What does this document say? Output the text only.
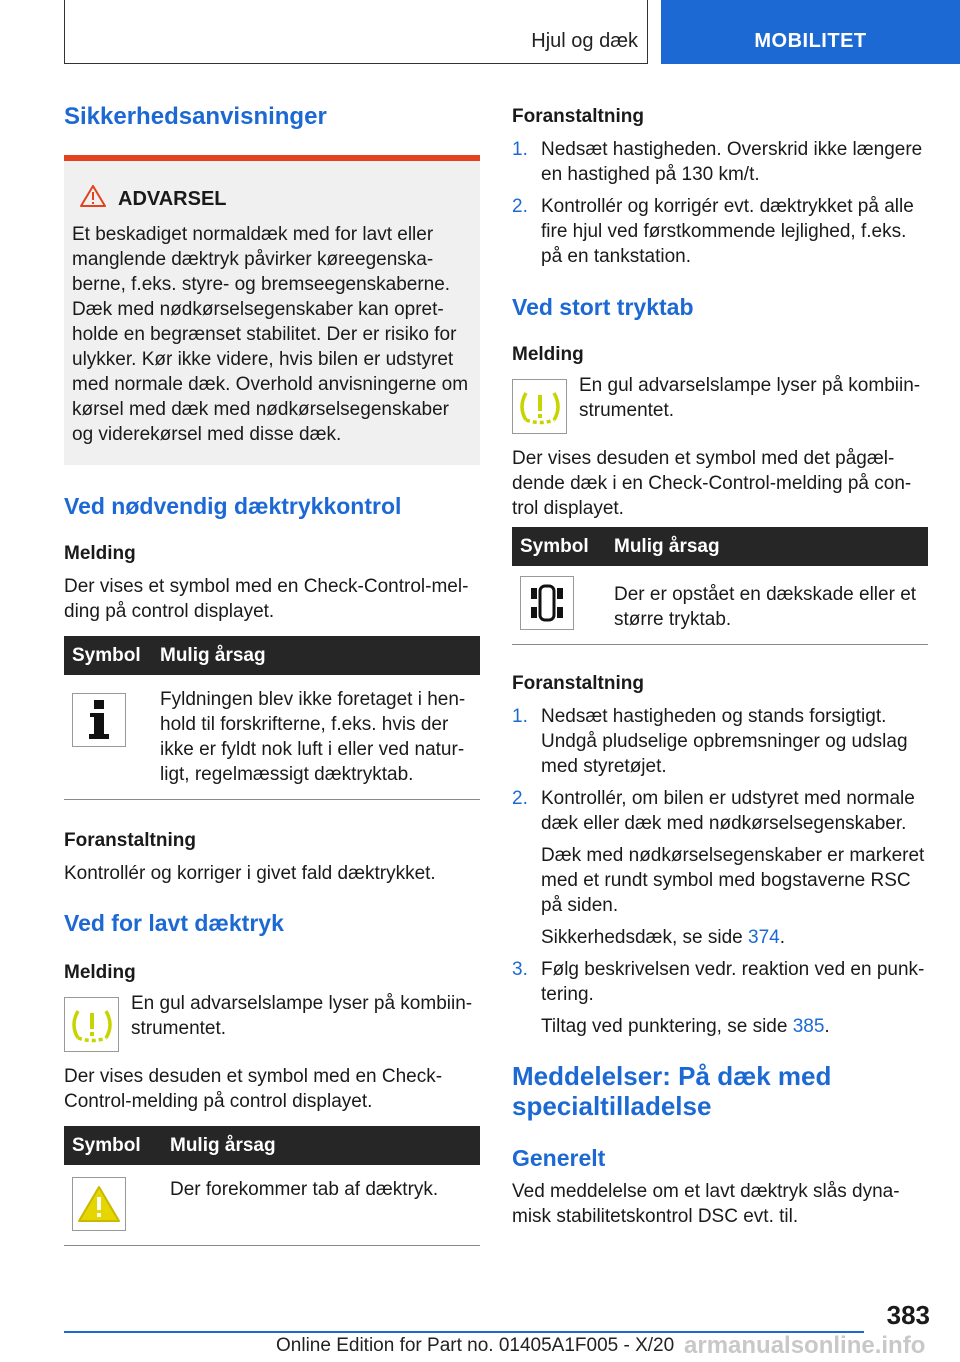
Hjul og dæk	MOBILITET
Sikkerhedsanvisninger
ADVARSEL

Et beskadiget normaldæk med for lavt eller manglende dæktryk påvirker køreegenskaberne, f.eks. styre- og bremseegenskaberne. Dæk med nødkørselsegenskaber kan opretholde en begrænset stabilitet. Der er risiko for ulykker. Kør ikke videre, hvis bilen er udstyret med normale dæk. Overhold anvisningerne om kørsel med dæk med nødkørselsegenskaber og viderekørsel med disse dæk.

Ved nødvendig dæktrykkontrol
Melding

Der vises et symbol med en Check-Control-melding på control displayet.

Symbol	Mulig årsag

	Fyldningen blev ikke foretaget i henhold til forskrifterne, f.eks. hvis der ikke er fyldt nok luft i eller ved naturligt, regelmæssigt dæktryktab.
Foranstaltning

Kontrollér og korriger i givet fald dæktrykket.

Ved for lavt dæktryk
Melding

En gul advarselslampe lyser på kombiinstrumentet.

Der vises desuden et symbol med en Check-Control-melding på control displayet.

Symbol	Mulig årsag

	Der forekommer tab af dæktryk.
Foranstaltning
1. Nedsæt hastigheden. Overskrid ikke længere en hastighed på 130 km/t.
2. Kontrollér og korrigér evt. dæktrykket på alle fire hjul ved førstkommende lejlighed, f.eks. på en tankstation.
Ved stort tryktab
Melding

En gul advarselslampe lyser på kombiinstrumentet.

Der vises desuden et symbol med det pågældende dæk i en Check-Control-melding på control displayet.

Symbol	Mulig årsag

	Der er opstået en dækskade eller et større tryktab.
Foranstaltning
1. Nedsæt hastigheden og stands forsigtigt. Undgå pludselige opbremsninger og udslag med styretøjet.
2. Kontrollér, om bilen er udstyret med normale dæk eller dæk med nødkørselsegenskaber.

Dæk med nødkørselsegenskaber er markeret med et rundt symbol med bogstaverne RSC på siden.

Sikkerhedsdæk, se side 374.

3. Følg beskrivelsen vedr. reaktion ved en punktering.

Tiltag ved punktering, se side 385.

Meddelelser: På dæk med specialtilladelse
Generelt

Ved meddelelse om et lavt dæktryk slås dynamisk stabilitetskontrol DSC evt. til.

383
Online Edition for Part no. 01405A1F005 - X/20 armanualsonline.info
